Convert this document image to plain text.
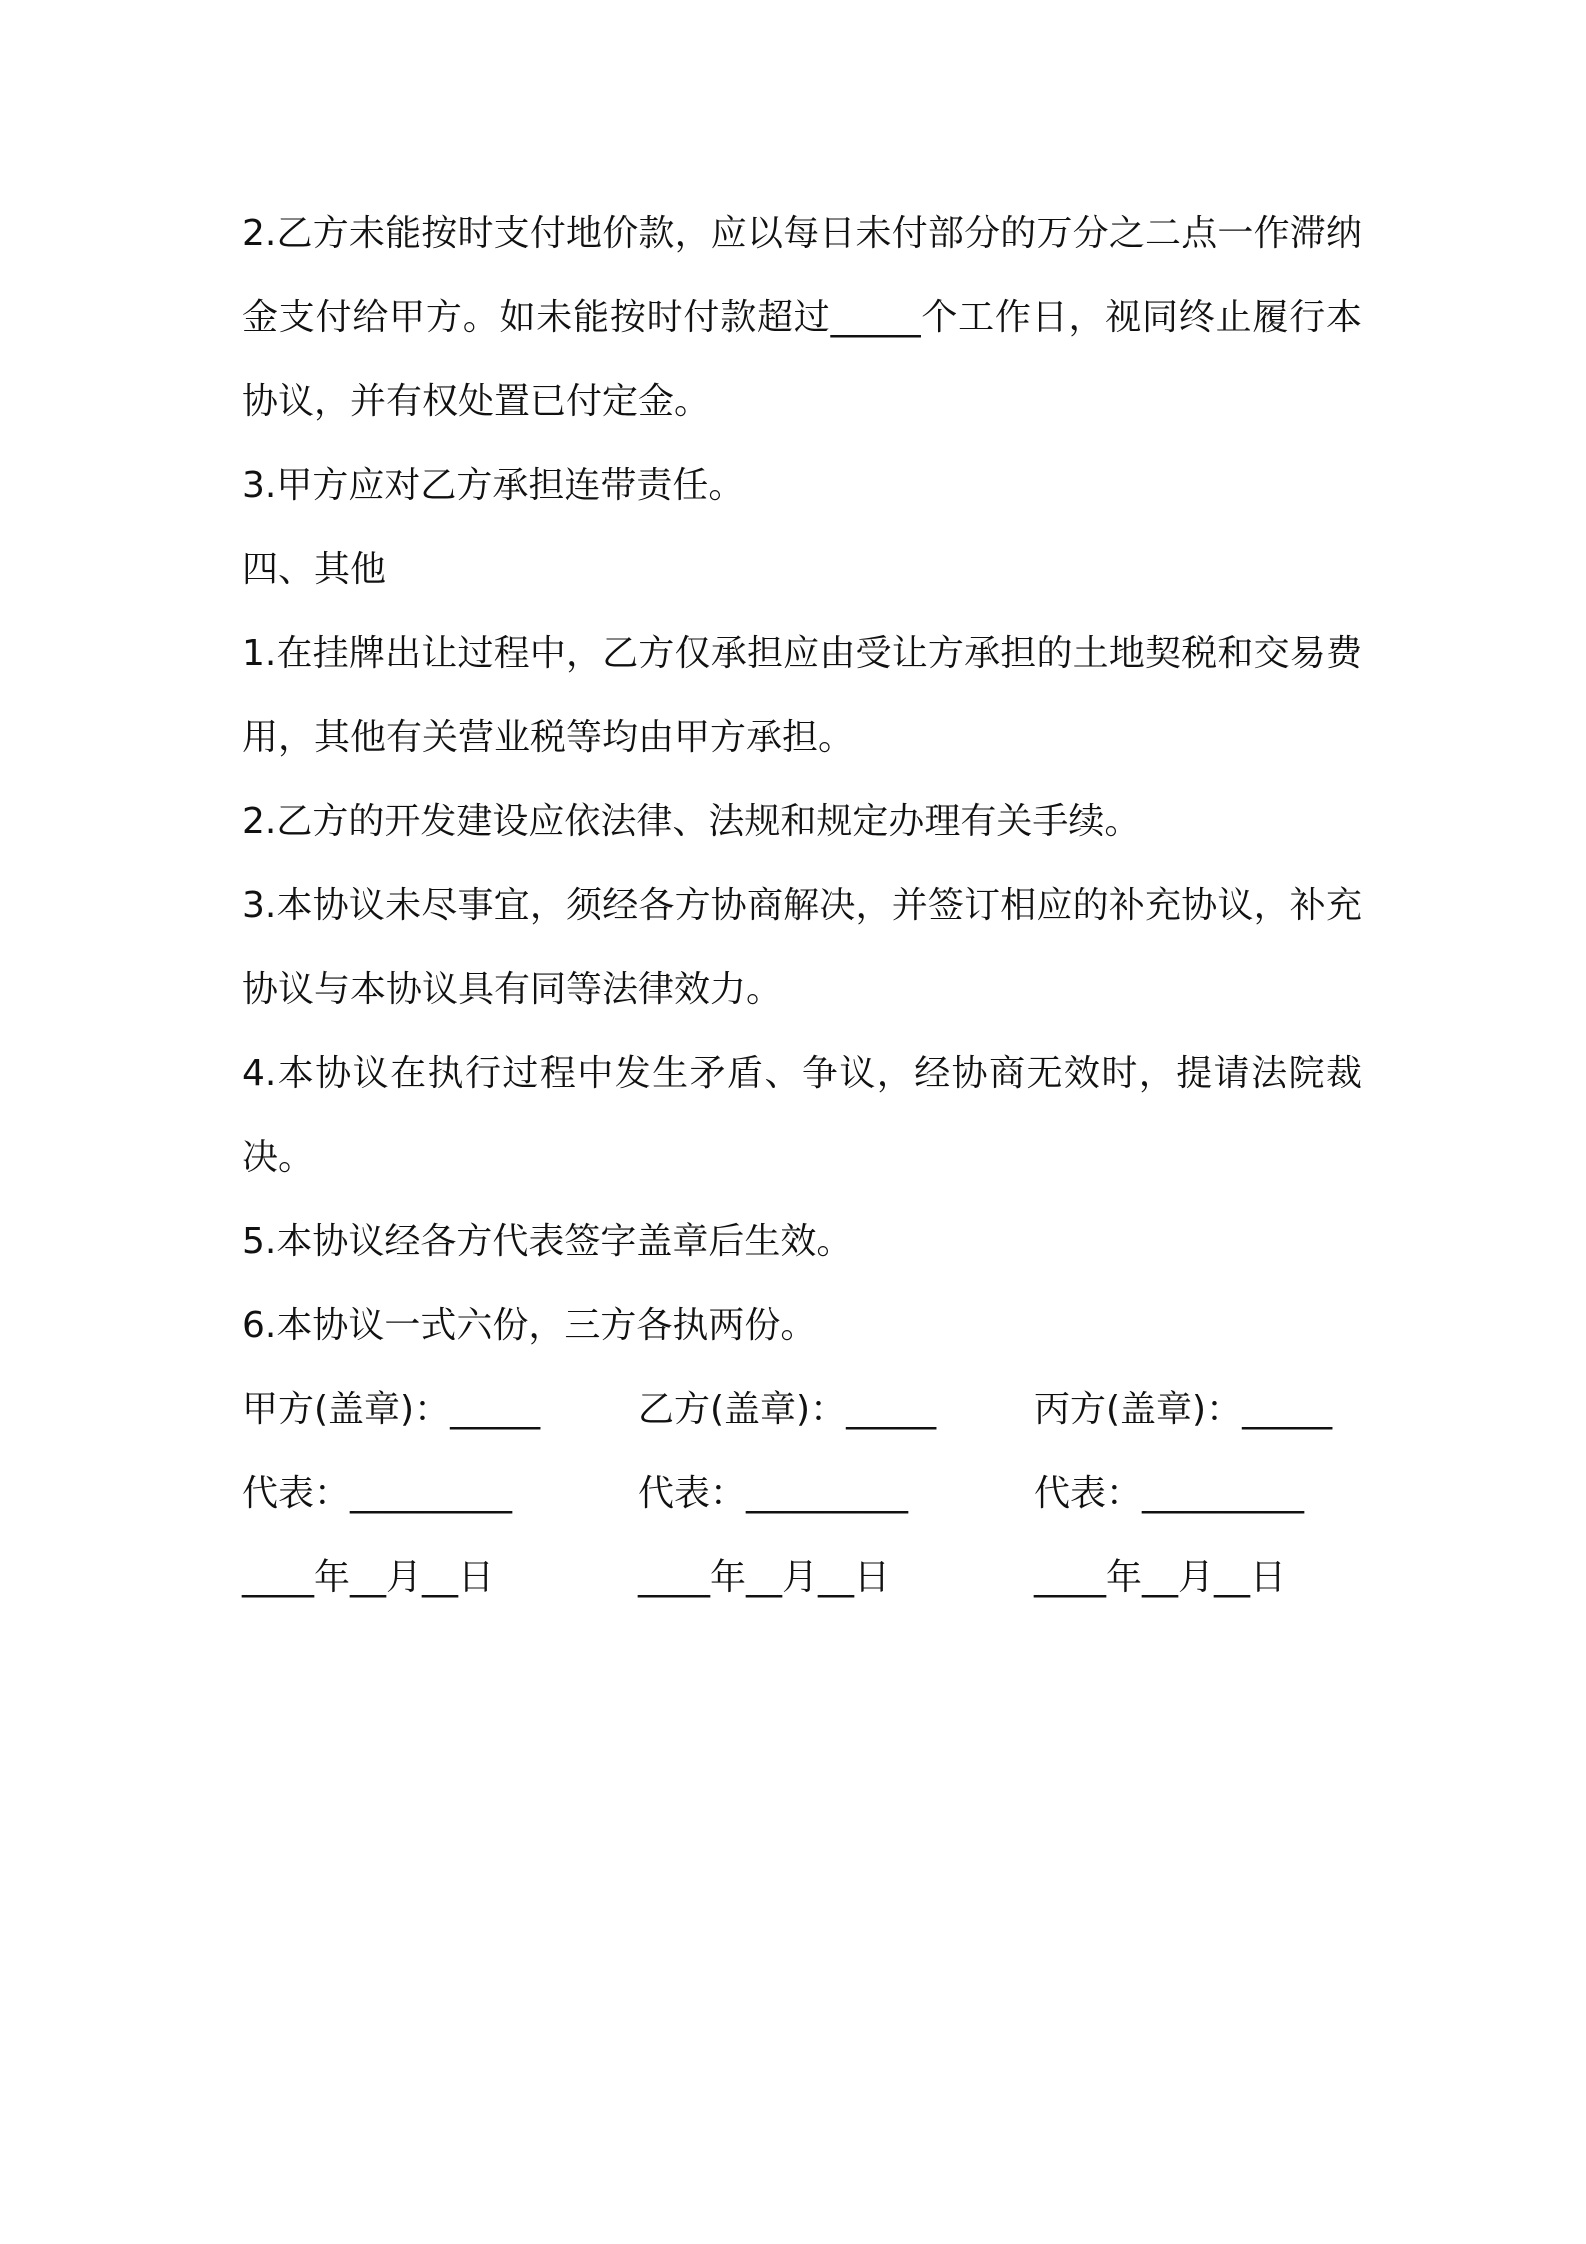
2.乙方未能按时支付地价款，应以每日未付部分的万分之二点一作滞纳金支付给甲方。如未能按时付款超过_____个工作日，视同终止履行本协议，并有权处置已付定金。

3.甲方应对乙方承担连带责任。

四、其他

1.在挂牌出让过程中，乙方仅承担应由受让方承担的土地契税和交易费用，其他有关营业税等均由甲方承担。

2.乙方的开发建设应依法律、法规和规定办理有关手续。

3.本协议未尽事宜，须经各方协商解决，并签订相应的补充协议，补充协议与本协议具有同等法律效力。

4.本协议在执行过程中发生矛盾、争议，经协商无效时，提请法院裁决。

5.本协议经各方代表签字盖章后生效。

6.本协议一式六份，三方各执两份。

甲方(盖章)：_____	乙方(盖章)：_____	丙方(盖章)：_____
代表：_________	代表：_________	代表：_________
____年__月__日	____年__月__日	____年__月__日
